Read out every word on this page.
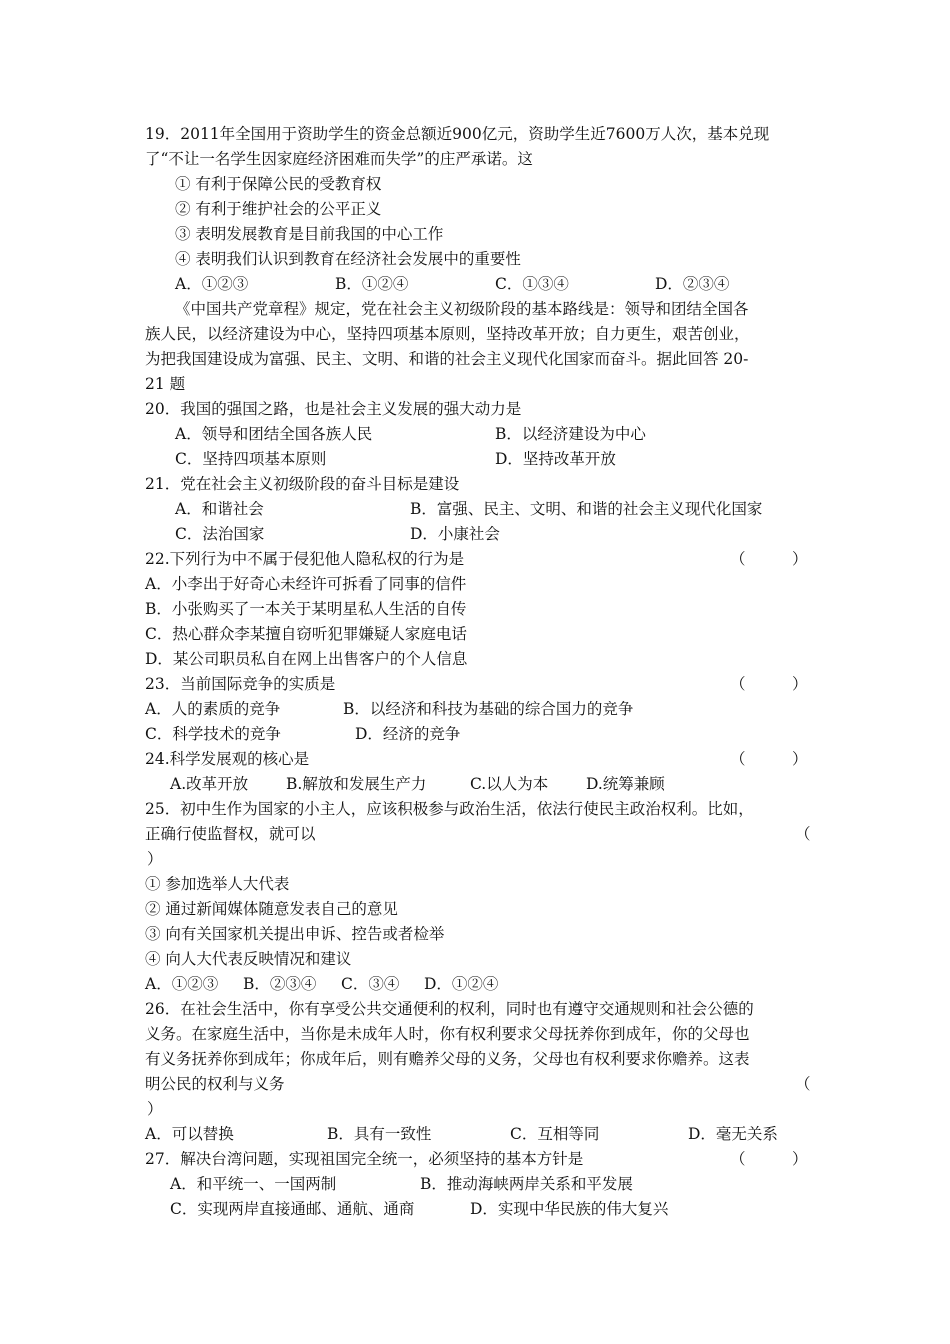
19．2011年全国用于资助学生的资金总额近900亿元，资助学生近7600万人次，基本兑现
了“不让一名学生因家庭经济困难而失学”的庄严承诺。这
① 有利于保障公民的受教育权
② 有利于维护社会的公平正义
③ 表明发展教育是目前我国的中心工作
④ 表明我们认识到教育在经济社会发展中的重要性
A．①②③	B．①②④	C．①③④	D．②③④
《中国共产党章程》规定，党在社会主义初级阶段的基本路线是：领导和团结全国各
族人民，以经济建设为中心，坚持四项基本原则，坚持改革开放；自力更生，艰苦创业，
为把我国建设成为富强、民主、文明、和谐的社会主义现代化国家而奋斗。据此回答 20-
21 题
20．我国的强国之路，也是社会主义发展的强大动力是
A．领导和团结全国各族人民	B．以经济建设为中心
C．坚持四项基本原则	D．坚持改革开放
21．党在社会主义初级阶段的奋斗目标是建设
A．和谐社会	B．富强、民主、文明、和谐的社会主义现代化国家
C．法治国家	D．小康社会
22.下列行为中不属于侵犯他人隐私权的行为是	（　　　）
A．小李出于好奇心未经许可拆看了同事的信件
B．小张购买了一本关于某明星私人生活的自传
C．热心群众李某擅自窃听犯罪嫌疑人家庭电话
D．某公司职员私自在网上出售客户的个人信息
23．当前国际竞争的实质是	（　　　）
A．人的素质的竞争	B．以经济和科技为基础的综合国力的竞争
C．科学技术的竞争	D．经济的竞争
24.科学发展观的核心是	（　　　）
A.改革开放 B.解放和发展生产力	C.以人为本 D.统筹兼顾
25．初中生作为国家的小主人，应该积极参与政治生活，依法行使民主政治权利。比如，
正确行使监督权，就可以	（
）
① 参加选举人大代表
② 通过新闻媒体随意发表自己的意见
③ 向有关国家机关提出申诉、控告或者检举
④ 向人大代表反映情况和建议
A．①②③ B．②③④ C．③④ D．①②④
26．在社会生活中，你有享受公共交通便利的权利，同时也有遵守交通规则和社会公德的
义务。在家庭生活中，当你是未成年人时，你有权利要求父母抚养你到成年，你的父母也
有义务抚养你到成年；你成年后，则有赡养父母的义务，父母也有权利要求你赡养。这表
明公民的权利与义务	（
）
A．可以替换	B．具有一致性	C．互相等同	D．毫无关系
27．解决台湾问题，实现祖国完全统一，必须坚持的基本方针是	（　　　）
A．和平统一、一国两制	B．推动海峡两岸关系和平发展
C．实现两岸直接通邮、通航、通商	D．实现中华民族的伟大复兴
